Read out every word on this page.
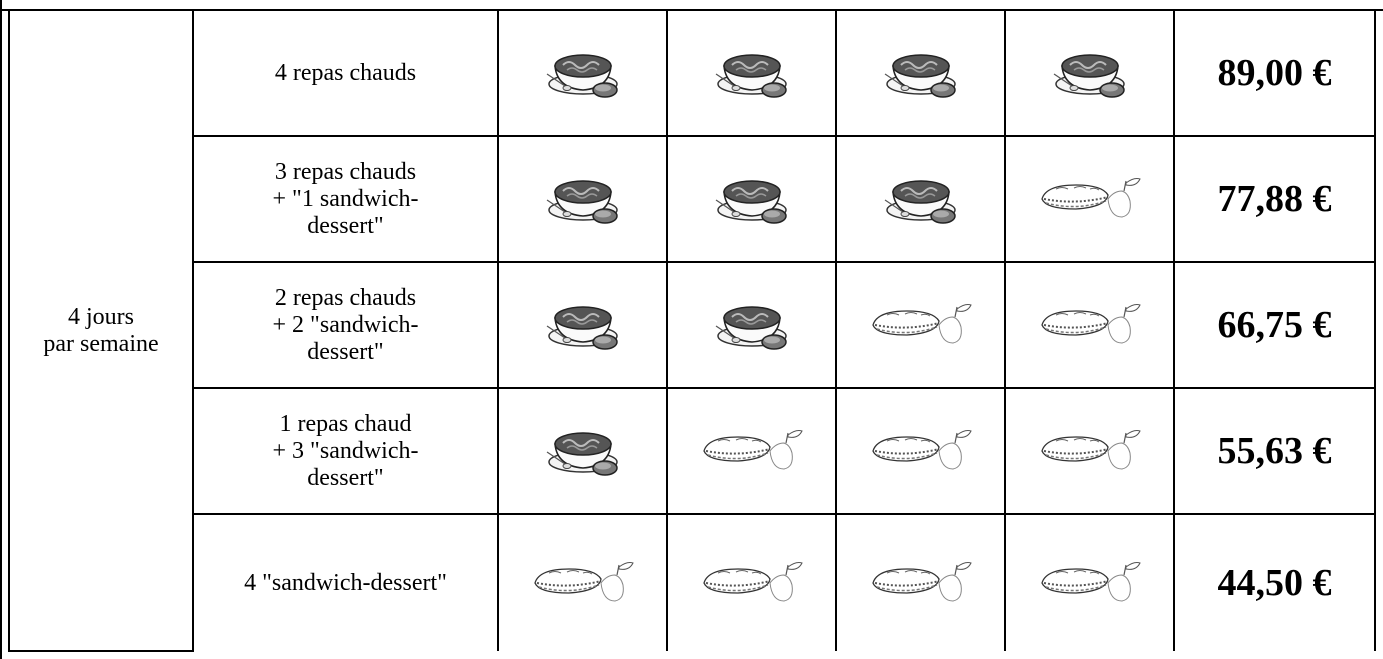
4 jours
par semaine	4 repas chauds					89,00 €

	3 repas chauds
+ "1 sandwich-
dessert"					77,88 €

	2 repas chauds
+ 2 "sandwich-
dessert"					66,75 €

	1 repas chaud
+ 3 "sandwich-
dessert"					55,63 €

	4 "sandwich-dessert"					44,50 €
